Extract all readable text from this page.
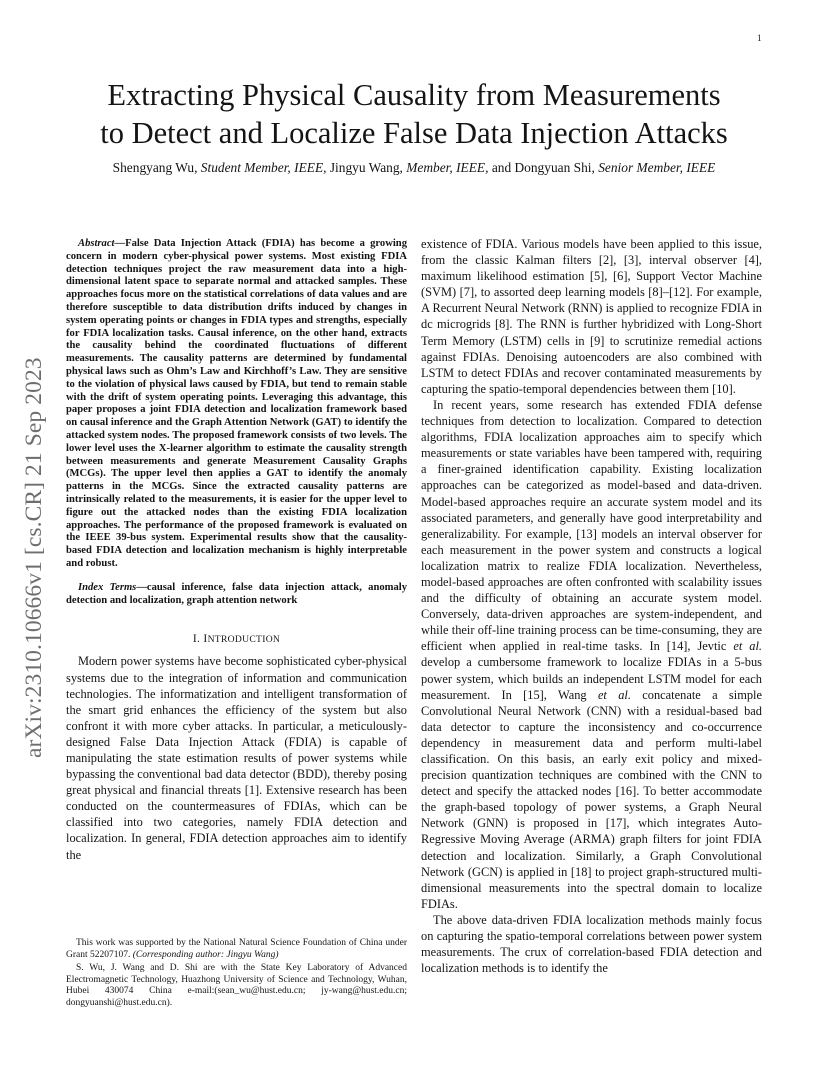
1
arXiv:2310.10666v1 [cs.CR] 21 Sep 2023
Extracting Physical Causality from Measurements
to Detect and Localize False Data Injection Attacks
Shengyang Wu, Student Member, IEEE, Jingyu Wang, Member, IEEE, and Dongyuan Shi, Senior Member, IEEE

Abstract—False Data Injection Attack (FDIA) has become a growing concern in modern cyber-physical power systems. Most existing FDIA detection techniques project the raw measurement data into a high-dimensional latent space to separate normal and attacked samples. These approaches focus more on the statistical correlations of data values and are therefore susceptible to data distribution drifts induced by changes in system operating points or changes in FDIA types and strengths, especially for FDIA localization tasks. Causal inference, on the other hand, extracts the causality behind the coordinated fluctuations of different measurements. The causality patterns are determined by fundamental physical laws such as Ohm’s Law and Kirchhoff’s Law. They are sensitive to the violation of physical laws caused by FDIA, but tend to remain stable with the drift of system operating points. Leveraging this advantage, this paper proposes a joint FDIA detection and localization framework based on causal inference and the Graph Attention Network (GAT) to identify the attacked system nodes. The proposed framework consists of two levels. The lower level uses the X-learner algorithm to estimate the causality strength between measurements and generate Measurement Causality Graphs (MCGs). The upper level then applies a GAT to identify the anomaly patterns in the MCGs. Since the extracted causality patterns are intrinsically related to the measurements, it is easier for the upper level to figure out the attacked nodes than the existing FDIA localization approaches. The performance of the proposed framework is evaluated on the IEEE 39-bus system. Experimental results show that the causality-based FDIA detection and localization mechanism is highly interpretable and robust.

Index Terms—causal inference, false data injection attack, anomaly detection and localization, graph attention network

I. INTRODUCTION

Modern power systems have become sophisticated cyber-physical systems due to the integration of information and communication technologies. The informatization and intelligent transformation of the smart grid enhances the efficiency of the system but also confront it with more cyber attacks. In particular, a meticulously-designed False Data Injection Attack (FDIA) is capable of manipulating the state estimation results of power systems while bypassing the conventional bad data detector (BDD), thereby posing great physical and financial threats [1]. Extensive research has been conducted on the countermeasures of FDIAs, which can be classified into two categories, namely FDIA detection and localization. In general, FDIA detection approaches aim to identify the

existence of FDIA. Various models have been applied to this issue, from the classic Kalman filters [2], [3], interval observer [4], maximum likelihood estimation [5], [6], Support Vector Machine (SVM) [7], to assorted deep learning models [8]–[12]. For example, A Recurrent Neural Network (RNN) is applied to recognize FDIA in dc microgrids [8]. The RNN is further hybridized with Long-Short Term Memory (LSTM) cells in [9] to scrutinize remedial actions against FDIAs. Denoising autoencoders are also combined with LSTM to detect FDIAs and recover contaminated measurements by capturing the spatio-temporal dependencies between them [10].

In recent years, some research has extended FDIA defense techniques from detection to localization. Compared to detection algorithms, FDIA localization approaches aim to specify which measurements or state variables have been tampered with, requiring a finer-grained identification capability. Existing localization approaches can be categorized as model-based and data-driven. Model-based approaches require an accurate system model and its associated parameters, and generally have good interpretability and generalizability. For example, [13] models an interval observer for each measurement in the power system and constructs a logical localization matrix to realize FDIA localization. Nevertheless, model-based approaches are often confronted with scalability issues and the difficulty of obtaining an accurate system model. Conversely, data-driven approaches are system-independent, and while their off-line training process can be time-consuming, they are efficient when applied in real-time tasks. In [14], Jevtic et al. develop a cumbersome framework to localize FDIAs in a 5-bus power system, which builds an independent LSTM model for each measurement. In [15], Wang et al. concatenate a simple Convolutional Neural Network (CNN) with a residual-based bad data detector to capture the inconsistency and co-occurrence dependency in measurement data and perform multi-label classification. On this basis, an early exit policy and mixed-precision quantization techniques are combined with the CNN to detect and specify the attacked nodes [16]. To better accommodate the graph-based topology of power systems, a Graph Neural Network (GNN) is proposed in [17], which integrates Auto-Regressive Moving Average (ARMA) graph filters for joint FDIA detection and localization. Similarly, a Graph Convolutional Network (GCN) is applied in [18] to project graph-structured multi-dimensional measurements into the spectral domain to localize FDIAs.

The above data-driven FDIA localization methods mainly focus on capturing the spatio-temporal correlations between power system measurements. The crux of correlation-based FDIA detection and localization methods is to identify the

This work was supported by the National Natural Science Foundation of China under Grant 52207107. (Corresponding author: Jingyu Wang)

S. Wu, J. Wang and D. Shi are with the State Key Laboratory of Advanced Electromagnetic Technology, Huazhong University of Science and Technology, Wuhan, Hubei 430074 China e-mail:(sean_wu@hust.edu.cn; jy-wang@hust.edu.cn; dongyuanshi@hust.edu.cn).
